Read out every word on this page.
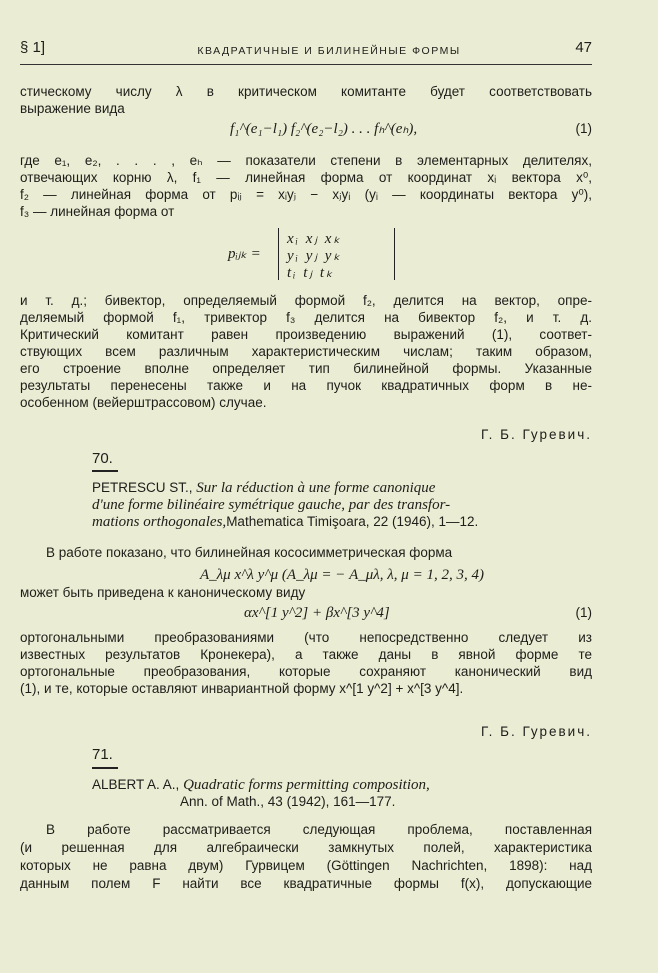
§ 1]	КВАДРАТИЧНЫЕ И БИЛИНЕЙНЫЕ ФОРМЫ	47
стическому числу λ в критическом комитанте будет соответствовать
выражение вида
f₁^(e₁−l₁) f₂^(e₂−l₂) . . . fₕ^(eₕ),	(1)
где e₁, e₂, . . . , eₕ — показатели степени в элементарных делителях,
отвечающих корню λ, f₁ — линейная форма от координат xᵢ вектора x⁰,
f₂ — линейная форма от pᵢⱼ = xᵢyⱼ − xⱼyᵢ (yᵢ — координаты вектора y⁰),
f₃ — линейная форма от
pᵢⱼₖ =
xᵢ xⱼ xₖ
yᵢ yⱼ yₖ
tᵢ tⱼ tₖ
и т. д.; бивектор, определяемый формой f₂, делится на вектор, опре-
деляемый формой f₁, тривектор f₃ делится на бивектор f₂, и т. д.
Критический комитант равен произведению выражений (1), соответ-
ствующих всем различным характеристическим числам; таким образом,
его строение вполне определяет тип билинейной формы. Указанные
результаты перенесены также и на пучок квадратичных форм в не-
особенном (вейерштрассовом) случае.
Г. Б. Гуревич.
70.
PETRESCU ST., Sur la réduction à une forme canonique
d'une forme bilinéaire symétrique gauche, par des transfor-
mations orthogonales,Mathematica Timişoara, 22 (1946), 1—12.
В работе показано, что билинейная кососимметрическая форма
A_λμ x^λ y^μ (A_λμ = − A_μλ, λ, μ = 1, 2, 3, 4)
может быть приведена к каноническому виду
αx^[1 y^2] + βx^[3 y^4]	(1)
ортогональными преобразованиями (что непосредственно следует из
известных результатов Кронекера), а также даны в явной форме те
ортогональные преобразования, которые сохраняют канонический вид
(1), и те, которые оставляют инвариантной форму x^[1 y^2] + x^[3 y^4].
Г. Б. Гуревич.
71.
ALBERT A. A., Quadratic forms permitting composition,
Ann. of Math., 43 (1942), 161—177.
В работе рассматривается следующая проблема, поставленная
(и решенная для алгебраически замкнутых полей, характеристика
которых не равна двум) Гурвицем (Göttingen Nachrichten, 1898): над
данным полем F найти все квадратичные формы f(x), допускающие
